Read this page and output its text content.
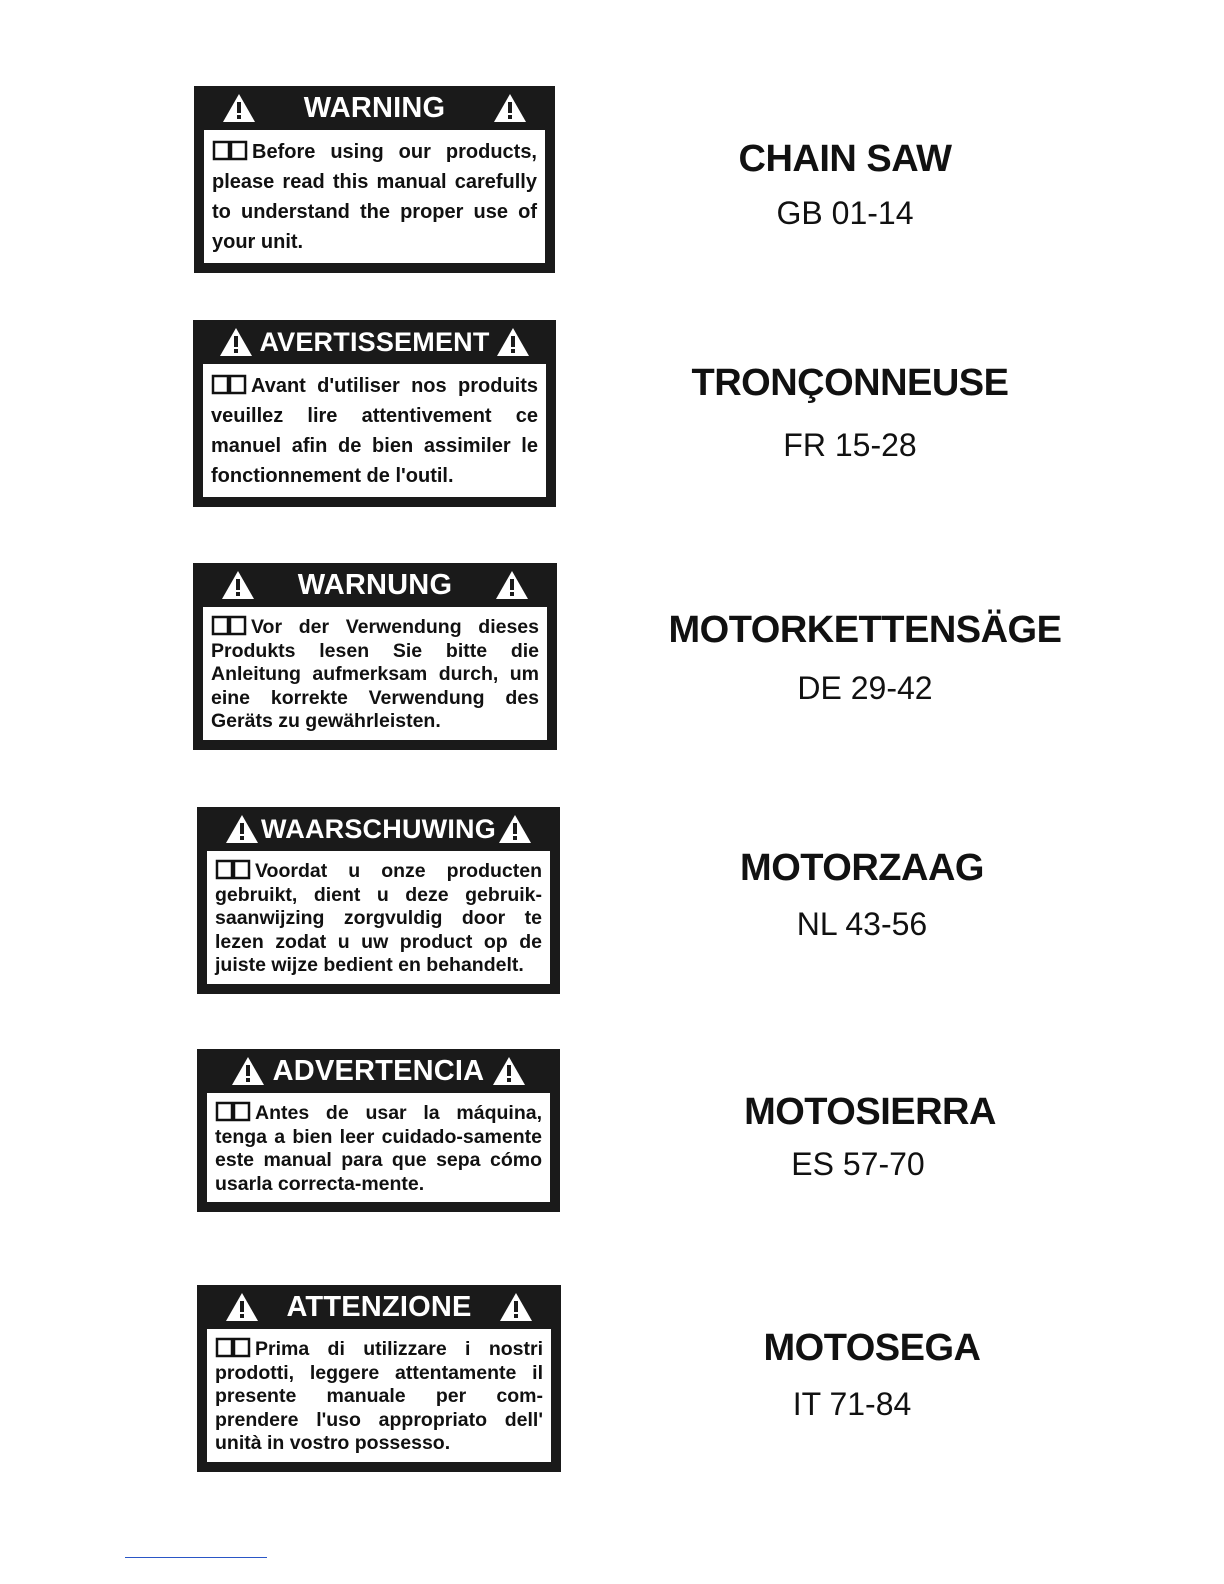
WARNING
Before using our products, please read this manual carefully to understand the proper use of your unit.
CHAIN SAW
GB 01-14
AVERTISSEMENT
Avant d'utiliser nos produits veuillez lire attentivement ce manuel afin de bien assimiler le fonctionnement de l'outil.
TRONÇONNEUSE
FR 15-28
WARNUNG
Vor der Verwendung dieses Produkts lesen Sie bitte die Anleitung aufmerksam durch, um eine korrekte Verwendung des Geräts zu gewährleisten.
MOTORKETTENSÄGE
DE 29-42
WAARSCHUWING
Voordat u onze producten gebruikt, dient u deze gebruik-saanwijzing zorgvuldig door te lezen zodat u uw product op de juiste wijze bedient en behandelt.
MOTORZAAG
NL 43-56
ADVERTENCIA
Antes de usar la máquina, tenga a bien leer cuidado-samente este manual para que sepa cómo usarla correcta-mente.
MOTOSIERRA
ES 57-70
ATTENZIONE
Prima di utilizzare i nostri prodotti, leggere attentamente il presente manuale per com-prendere l'uso appropriato dell' unità in vostro possesso.
MOTOSEGA
IT 71-84
